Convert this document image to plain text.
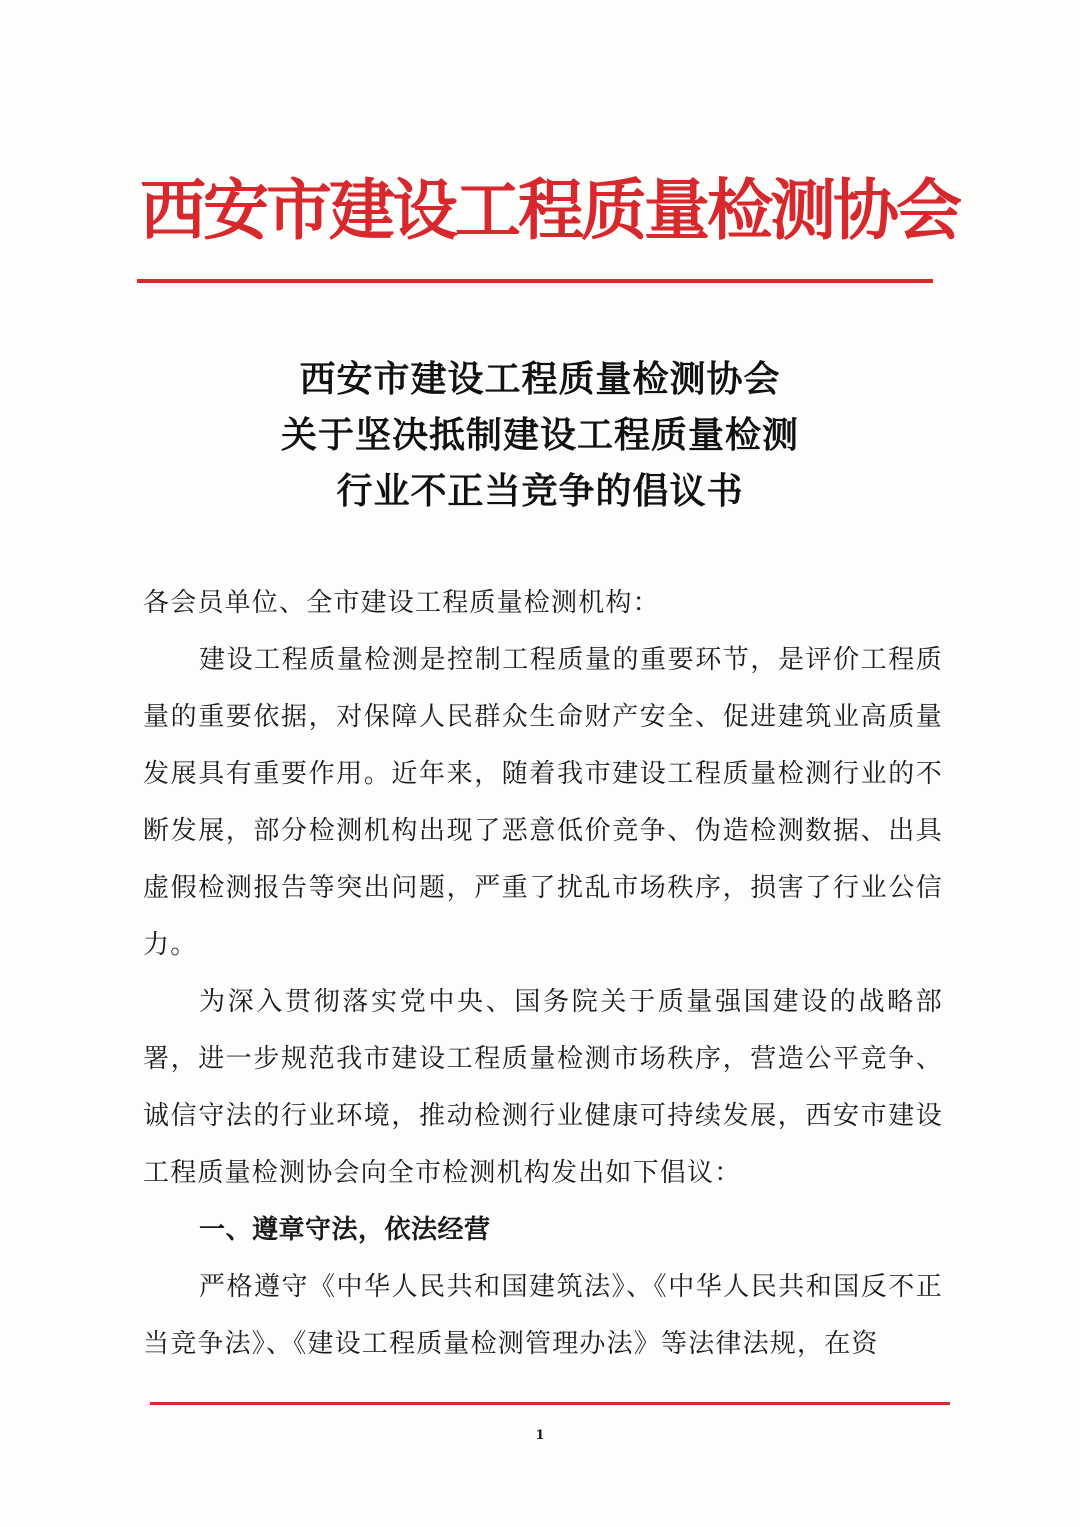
西安市建设工程质量检测协会
西安市建设工程质量检测协会
关于坚决抵制建设工程质量检测
行业不正当竞争的倡议书

各会员单位、全市建设工程质量检测机构：

建设工程质量检测是控制工程质量的重要环节，是评价工程质量的重要依据，对保障人民群众生命财产安全、促进建筑业高质量发展具有重要作用。近年来，随着我市建设工程质量检测行业的不断发展，部分检测机构出现了恶意低价竞争、伪造检测数据、出具虚假检测报告等突出问题，严重了扰乱市场秩序，损害了行业公信力。

为深入贯彻落实党中央、国务院关于质量强国建设的战略部署，进一步规范我市建设工程质量检测市场秩序，营造公平竞争、诚信守法的行业环境，推动检测行业健康可持续发展，西安市建设工程质量检测协会向全市检测机构发出如下倡议：

一、遵章守法，依法经营

严格遵守《中华人民共和国建筑法》、《中华人民共和国反不正当竞争法》、《建设工程质量检测管理办法》等法律法规，在资

1
